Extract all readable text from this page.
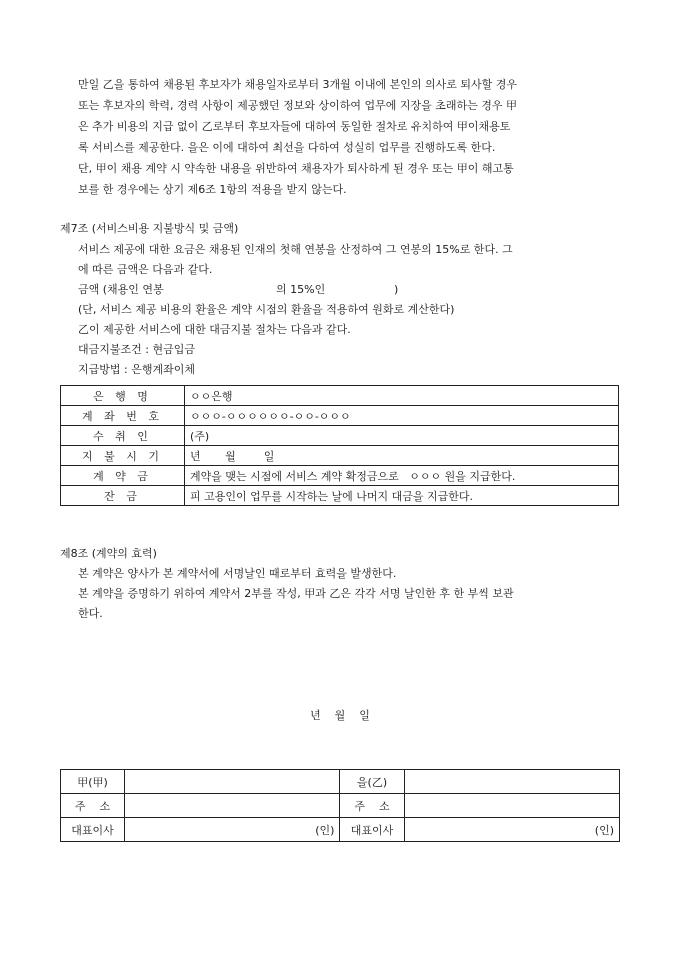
만일 乙을 통하여 채용된 후보자가 채용일자로부터 3개월 이내에 본인의 의사로 퇴사할 경우
또는 후보자의 학력, 경력 사항이 제공했던 정보와 상이하여 업무에 지장을 초래하는 경우 甲
은 추가 비용의 지급 없이 乙로부터 후보자들에 대하여 동일한 절차로 유치하여 甲이채용토
록 서비스를 제공한다. 을은 이에 대하여 최선을 다하여 성실히 업무를 진행하도록 한다.
단, 甲이 채용 계약 시 약속한 내용을 위반하여 채용자가 퇴사하게 된 경우 또는 甲이 해고통
보를 한 경우에는 상기 제6조 1항의 적용을 받지 않는다.
제7조 (서비스비용 지불방식 및 금액)
서비스 제공에 대한 요금은 채용된 인재의 첫해 연봉을 산정하여 그 연봉의 15%로 한다. 그
에 따른 금액은 다음과 같다.
금액 (채용인 연봉	의 15%인	)
(단, 서비스 제공 비용의 환율은 계약 시점의 환율을 적용하여 원화로 계산한다)
乙이 제공한 서비스에 대한 대금지불 절차는 다음과 같다.
대금지불조건 : 현금입금
지급방법 : 은행계좌이체
은 행 명	ㅇㅇ은행
계 좌 번 호	ㅇㅇㅇ-ㅇㅇㅇㅇㅇㅇ-ㅇㅇ-ㅇㅇㅇ
수 취 인	(주)
지 불 시 기	년       월        일
계 약 금	계약을 맺는 시점에 서비스 계약 확정금으로   ㅇㅇㅇ 원을 지급한다.
잔 금	피 고용인이 업무를 시작하는 날에 나머지 대금을 지급한다.
제8조 (계약의 효력)
본 계약은 양사가 본 계약서에 서명날인 때로부터 효력을 발생한다.
본 계약을 증명하기 위하여 계약서 2부를 작성, 甲과 乙은 각각 서명 날인한 후 한 부씩 보관
한다.
년    월    일
甲(甲)		을(乙)	
주    소		주    소	
대표이사	(인)	대표이사	(인)
